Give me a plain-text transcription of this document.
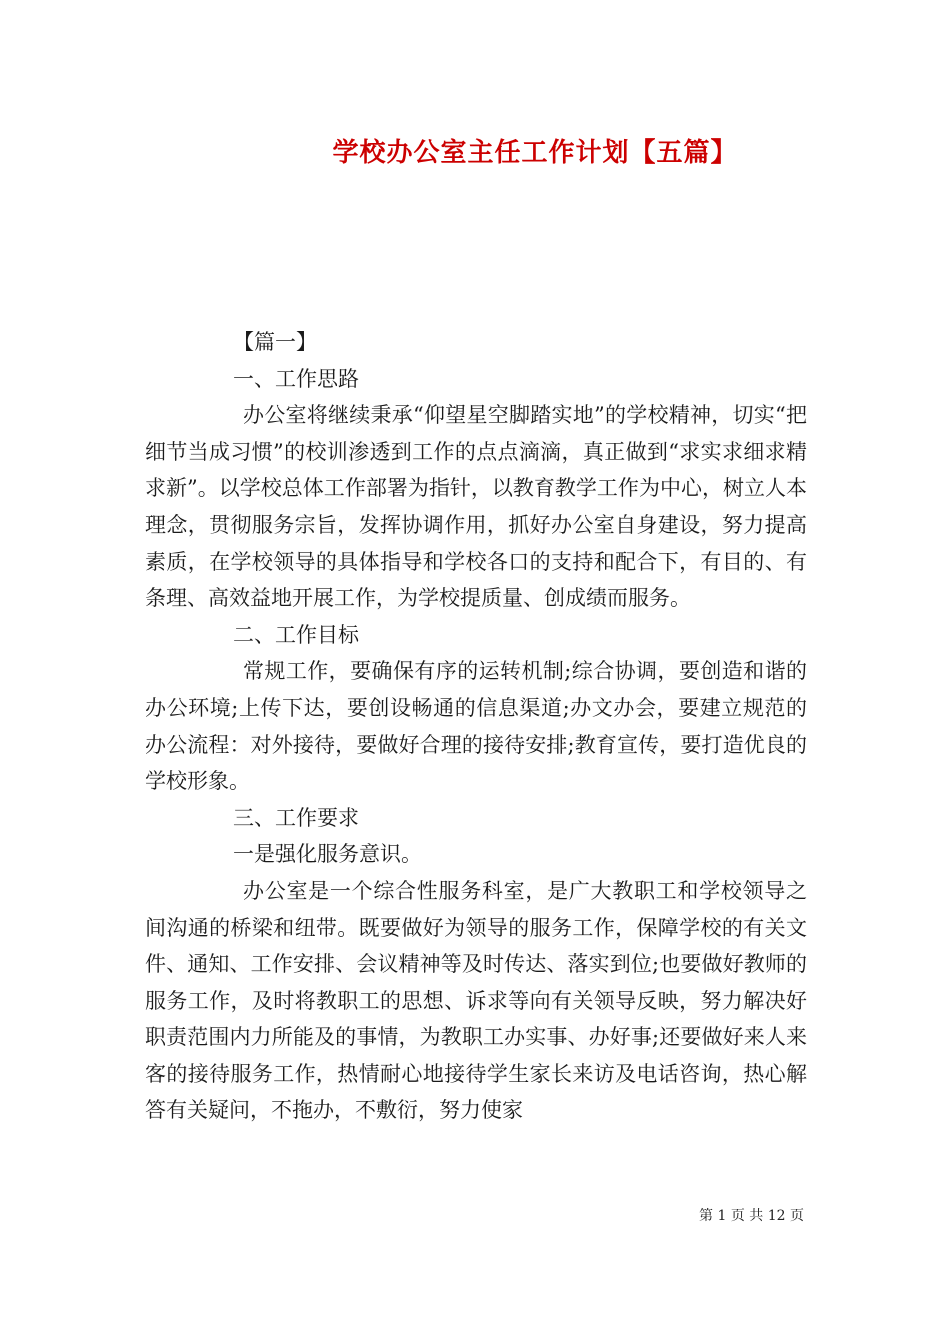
学校办公室主任工作计划【五篇】

【篇一】

一、工作思路

办公室将继续秉承“仰望星空脚踏实地”的学校精神，切实“把细节当成习惯”的校训渗透到工作的点点滴滴，真正做到“求实求细求精求新”。以学校总体工作部署为指针，以教育教学工作为中心，树立人本理念，贯彻服务宗旨，发挥协调作用，抓好办公室自身建设，努力提高素质，在学校领导的具体指导和学校各口的支持和配合下，有目的、有条理、高效益地开展工作，为学校提质量、创成绩而服务。

二、工作目标

常规工作，要确保有序的运转机制;综合协调，要创造和谐的办公环境;上传下达，要创设畅通的信息渠道;办文办会，要建立规范的办公流程：对外接待，要做好合理的接待安排;教育宣传，要打造优良的学校形象。

三、工作要求

一是强化服务意识。

办公室是一个综合性服务科室，是广大教职工和学校领导之间沟通的桥梁和纽带。既要做好为领导的服务工作，保障学校的有关文件、通知、工作安排、会议精神等及时传达、落实到位;也要做好教师的服务工作，及时将教职工的思想、诉求等向有关领导反映，努力解决好职责范围内力所能及的事情，为教职工办实事、办好事;还要做好来人来客的接待服务工作，热情耐心地接待学生家长来访及电话咨询，热心解答有关疑问，不拖办，不敷衍，努力使家

第 1 页 共 12 页
